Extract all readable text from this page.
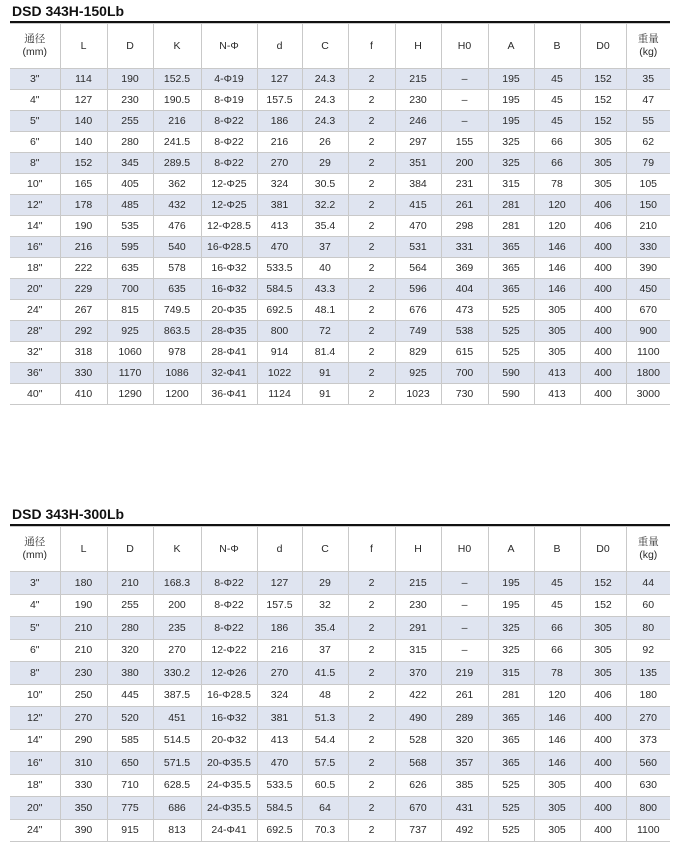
DSD 343H-150Lb
通径
(mm)	L	D	K	N-Φ	d	C	f	H	H0	A	B	D0	重量
(kg)
3"	114	190	152.5	4-Φ19	127	24.3	2	215	–	195	45	152	35
4"	127	230	190.5	8-Φ19	157.5	24.3	2	230	–	195	45	152	47
5"	140	255	216	8-Φ22	186	24.3	2	246	–	195	45	152	55
6"	140	280	241.5	8-Φ22	216	26	2	297	155	325	66	305	62
8"	152	345	289.5	8-Φ22	270	29	2	351	200	325	66	305	79
10"	165	405	362	12-Φ25	324	30.5	2	384	231	315	78	305	105
12"	178	485	432	12-Φ25	381	32.2	2	415	261	281	120	406	150
14"	190	535	476	12-Φ28.5	413	35.4	2	470	298	281	120	406	210
16"	216	595	540	16-Φ28.5	470	37	2	531	331	365	146	400	330
18"	222	635	578	16-Φ32	533.5	40	2	564	369	365	146	400	390
20"	229	700	635	16-Φ32	584.5	43.3	2	596	404	365	146	400	450
24"	267	815	749.5	20-Φ35	692.5	48.1	2	676	473	525	305	400	670
28"	292	925	863.5	28-Φ35	800	72	2	749	538	525	305	400	900
32"	318	1060	978	28-Φ41	914	81.4	2	829	615	525	305	400	1100
36"	330	1170	1086	32-Φ41	1022	91	2	925	700	590	413	400	1800
40"	410	1290	1200	36-Φ41	1124	91	2	1023	730	590	413	400	3000
DSD 343H-300Lb
通径
(mm)	L	D	K	N-Φ	d	C	f	H	H0	A	B	D0	重量
(kg)
3"	180	210	168.3	8-Φ22	127	29	2	215	–	195	45	152	44
4"	190	255	200	8-Φ22	157.5	32	2	230	–	195	45	152	60
5"	210	280	235	8-Φ22	186	35.4	2	291	–	325	66	305	80
6"	210	320	270	12-Φ22	216	37	2	315	–	325	66	305	92
8"	230	380	330.2	12-Φ26	270	41.5	2	370	219	315	78	305	135
10"	250	445	387.5	16-Φ28.5	324	48	2	422	261	281	120	406	180
12"	270	520	451	16-Φ32	381	51.3	2	490	289	365	146	400	270
14"	290	585	514.5	20-Φ32	413	54.4	2	528	320	365	146	400	373
16"	310	650	571.5	20-Φ35.5	470	57.5	2	568	357	365	146	400	560
18"	330	710	628.5	24-Φ35.5	533.5	60.5	2	626	385	525	305	400	630
20"	350	775	686	24-Φ35.5	584.5	64	2	670	431	525	305	400	800
24"	390	915	813	24-Φ41	692.5	70.3	2	737	492	525	305	400	1100
